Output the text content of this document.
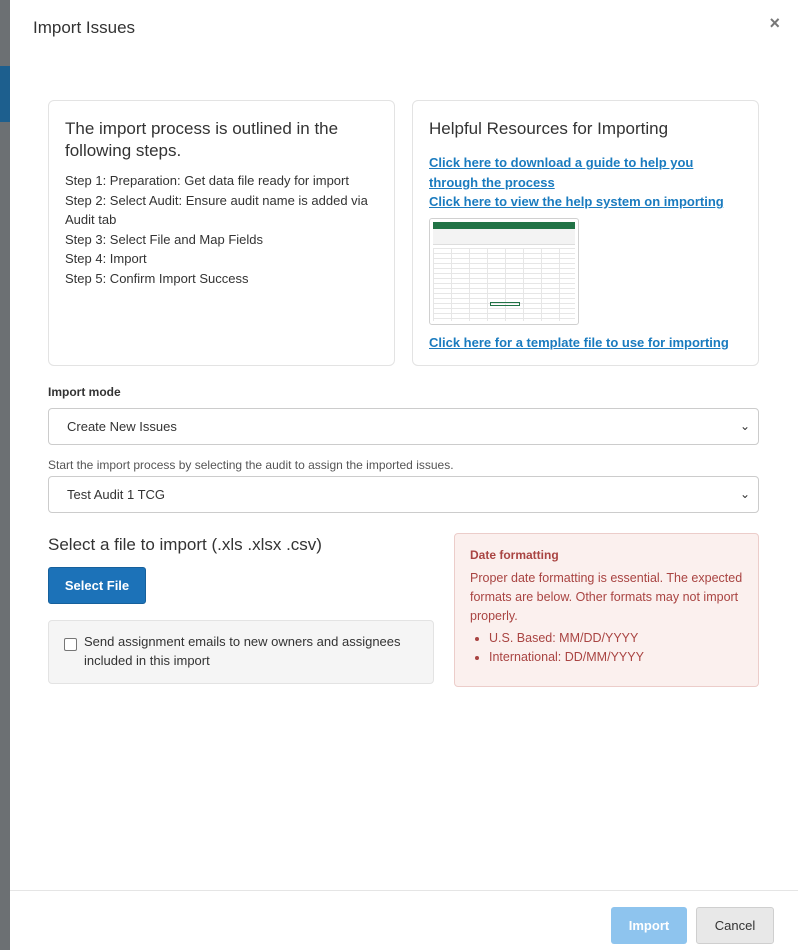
Import Issues	×
The import process is outlined in the following steps.
Step 1: Preparation: Get data file ready for import
Step 2: Select Audit: Ensure audit name is added via Audit tab
Step 3: Select File and Map Fields
Step 4: Import
Step 5: Confirm Import Success
Helpful Resources for Importing
Click here to download a guide to help you through the process
Click here to view the help system on importing
Click here for a template file to use for importing
Import mode
Create New Issues	⌄
Start the import process by selecting the audit to assign the imported issues.
Test Audit 1 TCG	⌄
Select a file to import (.xls .xlsx .csv)
Select File
Send assignment emails to new owners and assignees included in this import
Date formatting

Proper date formatting is essential. The expected formats are below. Other formats may not import properly.

• U.S. Based: MM/DD/YYYY
• International: DD/MM/YYYY
Import	Cancel
